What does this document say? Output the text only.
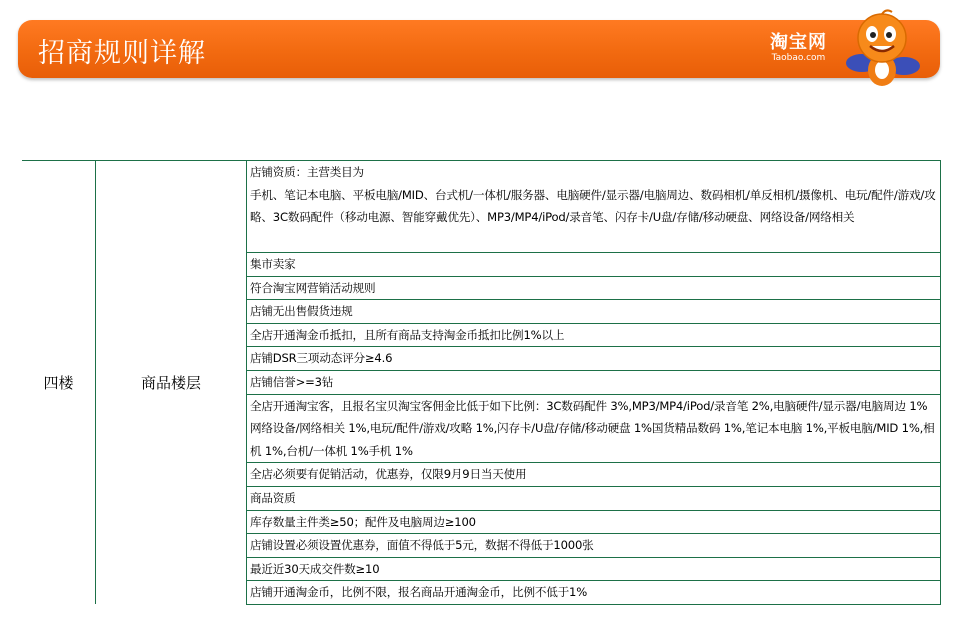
招商规则详解	淘宝网
Taobao.com
四楼	商品楼层	店铺资质：主营类目为
手机、笔记本电脑、平板电脑/MID、台式机/一体机/服务器、电脑硬件/显示器/电脑周边、数码相机/单反相机/摄像机、电玩/配件/游戏/攻略、3C数码配件（移动电源、智能穿戴优先）、MP3/MP4/iPod/录音笔、闪存卡/U盘/存储/移动硬盘、网络设备/网络相关
集市卖家
符合淘宝网营销活动规则
店铺无出售假货违规
全店开通淘金币抵扣，且所有商品支持淘金币抵扣比例1%以上
店铺DSR三项动态评分≥4.6
店铺信誉>=3钻
全店开通淘宝客，且报名宝贝淘宝客佣金比低于如下比例：3C数码配件 3%,MP3/MP4/iPod/录音笔 2%,电脑硬件/显示器/电脑周边 1%
网络设备/网络相关 1%,电玩/配件/游戏/攻略 1%,闪存卡/U盘/存储/移动硬盘 1%国货精品数码 1%,笔记本电脑 1%,平板电脑/MID 1%,相机 1%,台机/一体机 1%手机 1%
全店必须要有促销活动，优惠券，仅限9月9日当天使用
商品资质
库存数量主件类≥50；配件及电脑周边≥100
店铺设置必须设置优惠券，面值不得低于5元，数据不得低于1000张
最近近30天成交件数≥10
店铺开通淘金币，比例不限，报名商品开通淘金币，比例不低于1%
